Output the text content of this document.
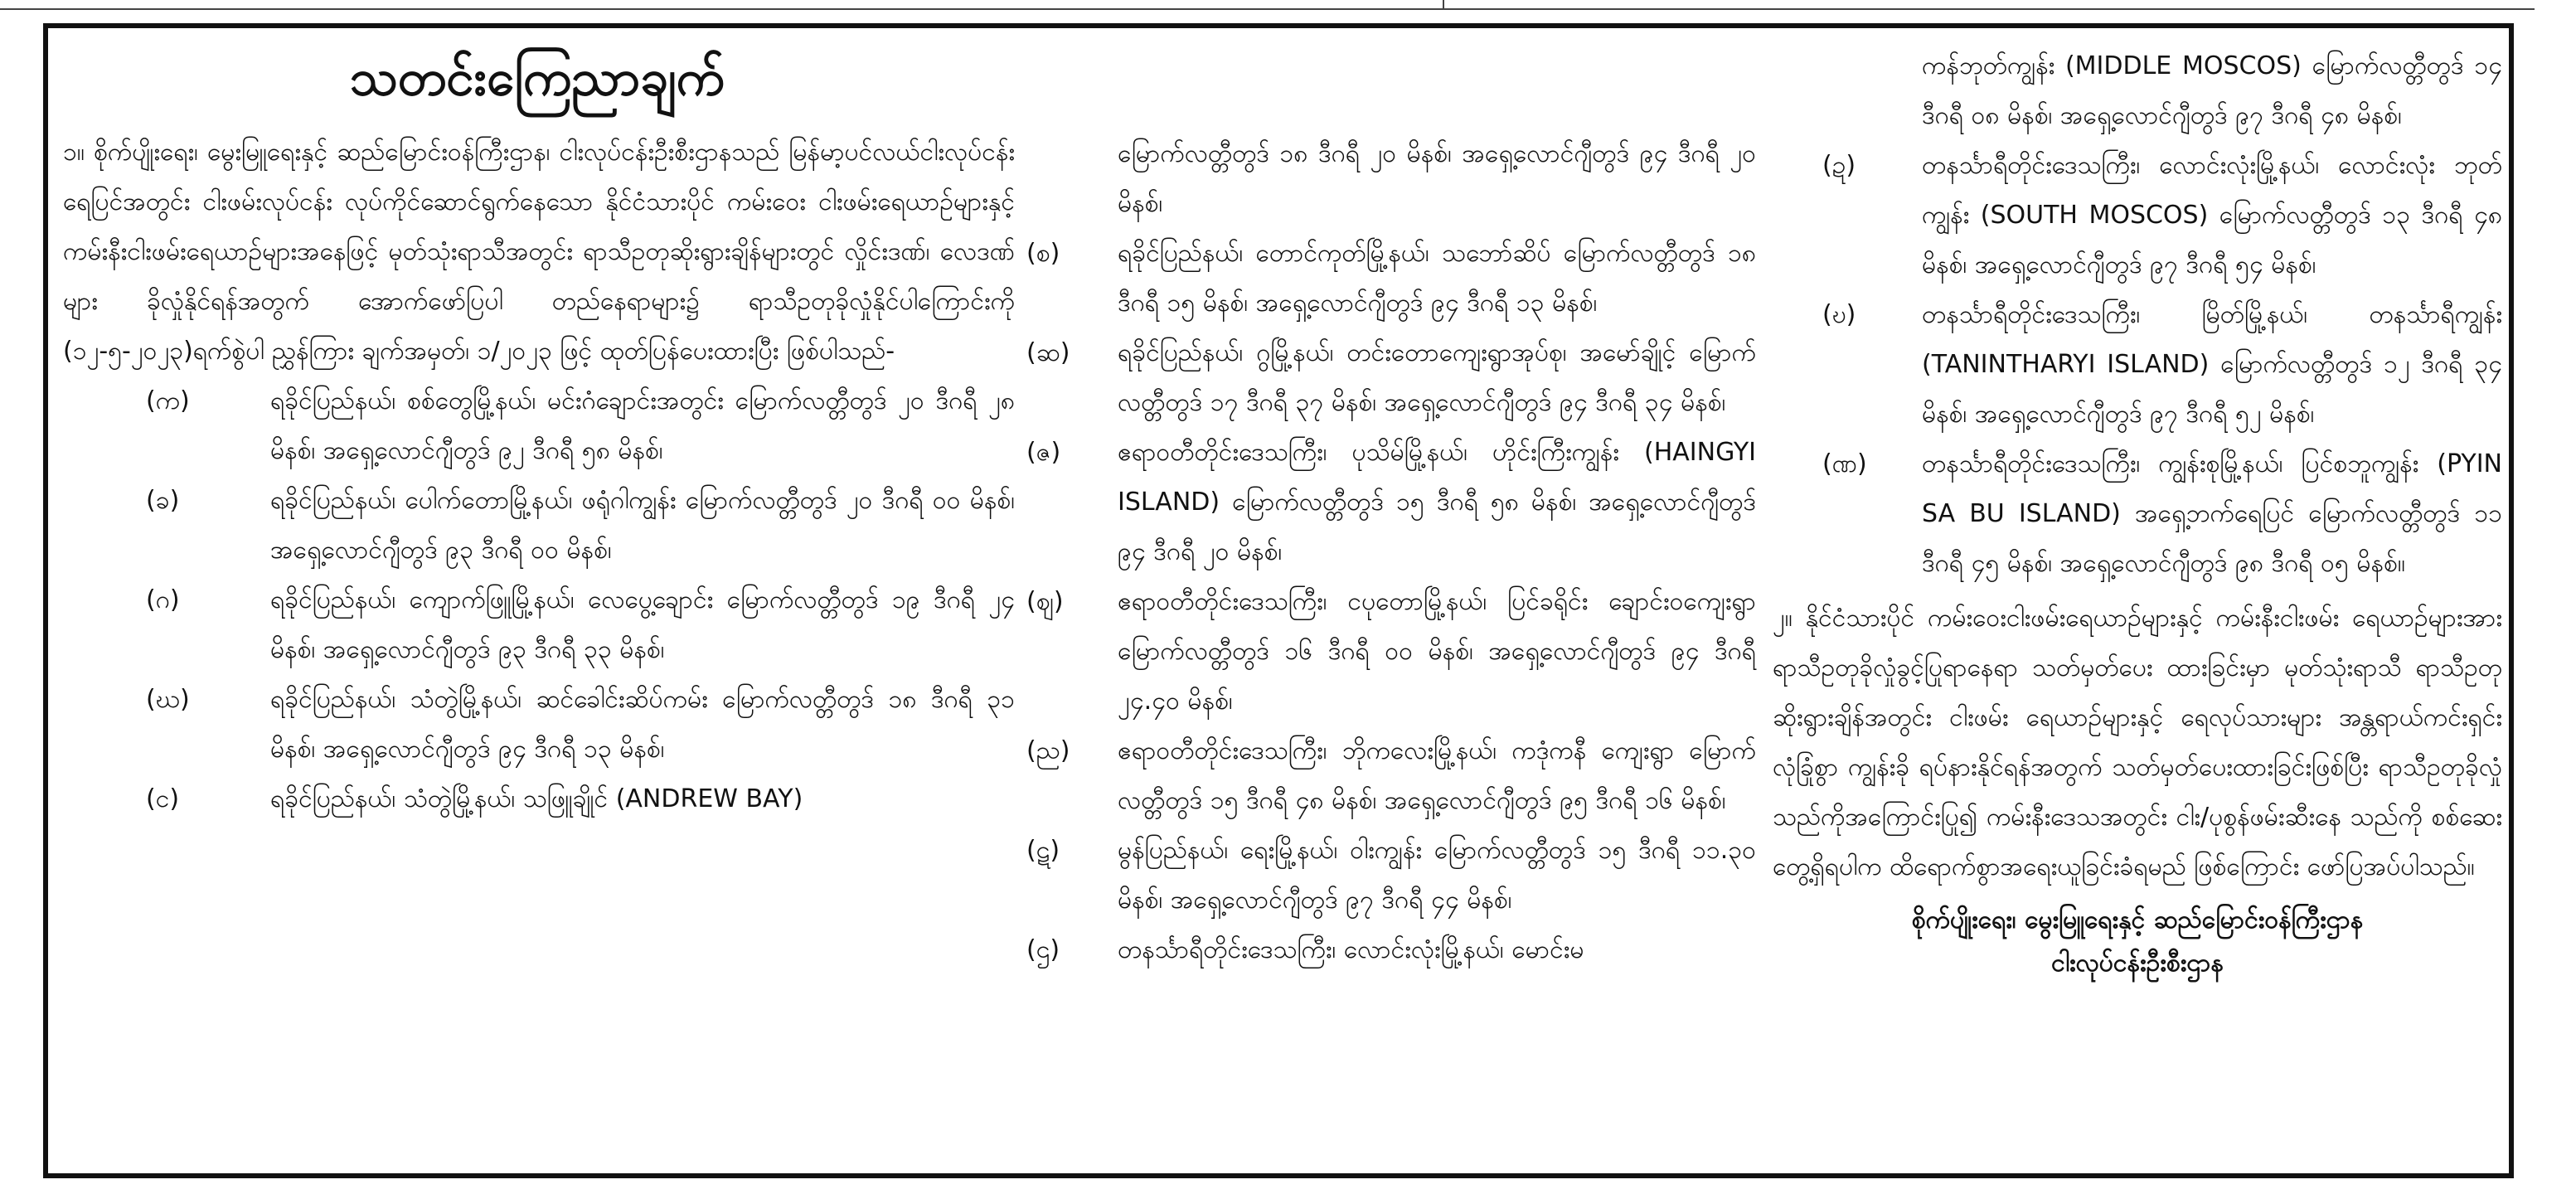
သတင်းကြေညာချက်

၁။ စိုက်ပျိုးရေး၊ မွေးမြူရေးနှင့် ဆည်မြောင်းဝန်ကြီးဌာန၊ ငါးလုပ်ငန်းဦးစီးဌာနသည် မြန်မာ့ပင်လယ်ငါးလုပ်ငန်းရေပြင်အတွင်း ငါးဖမ်းလုပ်ငန်း လုပ်ကိုင်ဆောင်ရွက်နေသော နိုင်ငံသားပိုင် ကမ်းဝေး ငါးဖမ်းရေယာဉ်များနှင့် ကမ်းနီးငါးဖမ်းရေယာဉ်များအနေဖြင့် မုတ်သုံးရာသီအတွင်း ရာသီဥတုဆိုးရွားချိန်များတွင် လှိုင်းဒဏ်၊ လေဒဏ်များ ခိုလှုံနိုင်ရန်အတွက် အောက်ဖော်ပြပါ တည်နေရာများ၌ ရာသီဥတုခိုလှုံနိုင်ပါကြောင်းကို (၁၂-၅-၂၀၂၃)ရက်စွဲပါ ညွှန်ကြား ချက်အမှတ်၊ ၁/၂၀၂၃ ဖြင့် ထုတ်ပြန်ပေးထားပြီး ဖြစ်ပါသည်-

(က)	ရခိုင်ပြည်နယ်၊ စစ်တွေမြို့နယ်၊ မင်းဂံချောင်းအတွင်း မြောက်လတ္တီတွဒ် ၂၀ ဒီဂရီ ၂၈ မိနစ်၊ အရှေ့လောင်ဂျီတွဒ် ၉၂ ဒီဂရီ ၅၈ မိနစ်၊
(ခ)	ရခိုင်ပြည်နယ်၊ ပေါက်တောမြို့နယ်၊ ဖရုံဂါကျွန်း မြောက်လတ္တီတွဒ် ၂၀ ဒီဂရီ ၀၀ မိနစ်၊ အရှေ့လောင်ဂျီတွဒ် ၉၃ ဒီဂရီ ၀၀ မိနစ်၊
(ဂ)	ရခိုင်ပြည်နယ်၊ ကျောက်ဖြူမြို့နယ်၊ လေပွေ့ချောင်း မြောက်လတ္တီတွဒ် ၁၉ ဒီဂရီ ၂၄ မိနစ်၊ အရှေ့လောင်ဂျီတွဒ် ၉၃ ဒီဂရီ ၃၃ မိနစ်၊
(ဃ)	ရခိုင်ပြည်နယ်၊ သံတွဲမြို့နယ်၊ ဆင်ခေါင်းဆိပ်ကမ်း မြောက်လတ္တီတွဒ် ၁၈ ဒီဂရီ ၃၁ မိနစ်၊ အရှေ့လောင်ဂျီတွဒ် ၉၄ ဒီဂရီ ၁၃ မိနစ်၊
(င)	ရခိုင်ပြည်နယ်၊ သံတွဲမြို့နယ်၊ သဖြူချိုင် (ANDREW BAY)

မြောက်လတ္တီတွဒ် ၁၈ ဒီဂရီ ၂၀ မိနစ်၊ အရှေ့လောင်ဂျီတွဒ် ၉၄ ဒီဂရီ ၂၀ မိနစ်၊

(စ)	ရခိုင်ပြည်နယ်၊ တောင်ကုတ်မြို့နယ်၊ သဘော်ဆိပ် မြောက်လတ္တီတွဒ် ၁၈ ဒီဂရီ ၁၅ မိနစ်၊ အရှေ့လောင်ဂျီတွဒ် ၉၄ ဒီဂရီ ၁၃ မိနစ်၊
(ဆ)	ရခိုင်ပြည်နယ်၊ ဂွမြို့နယ်၊ တင်းတောကျေးရွာအုပ်စု၊ အမော်ချိုင့် မြောက်လတ္တီတွဒ် ၁၇ ဒီဂရီ ၃၇ မိနစ်၊ အရှေ့လောင်ဂျီတွဒ် ၉၄ ဒီဂရီ ၃၄ မိနစ်၊
(ဇ)	ဧရာဝတီတိုင်းဒေသကြီး၊ ပုသိမ်မြို့နယ်၊ ဟိုင်းကြီးကျွန်း (HAINGYI ISLAND) မြောက်လတ္တီတွဒ် ၁၅ ဒီဂရီ ၅၈ မိနစ်၊ အရှေ့လောင်ဂျီတွဒ် ၉၄ ဒီဂရီ ၂၀ မိနစ်၊
(ဈ)	ဧရာဝတီတိုင်းဒေသကြီး၊ ငပုတောမြို့နယ်၊ ပြင်ခရိုင်း ချောင်းဝကျေးရွာ မြောက်လတ္တီတွဒ် ၁၆ ဒီဂရီ ၀၀ မိနစ်၊ အရှေ့လောင်ဂျီတွဒ် ၉၄ ဒီဂရီ ၂၄.၄၀ မိနစ်၊
(ည)	ဧရာဝတီတိုင်းဒေသကြီး၊ ဘိုကလေးမြို့နယ်၊ ကဒုံကနီ ကျေးရွာ မြောက်လတ္တီတွဒ် ၁၅ ဒီဂရီ ၄၈ မိနစ်၊ အရှေ့လောင်ဂျီတွဒ် ၉၅ ဒီဂရီ ၁၆ မိနစ်၊
(ဋ)	မွန်ပြည်နယ်၊ ရေးမြို့နယ်၊ ဝါးကျွန်း မြောက်လတ္တီတွဒ် ၁၅ ဒီဂရီ ၁၁.၃၀ မိနစ်၊ အရှေ့လောင်ဂျီတွဒ် ၉၇ ဒီဂရီ ၄၄ မိနစ်၊
(ဌ)	တနင်္သာရီတိုင်းဒေသကြီး၊ လောင်းလုံးမြို့နယ်၊ မောင်းမ

ကန်ဘုတ်ကျွန်း (MIDDLE MOSCOS) မြောက်လတ္တီတွဒ် ၁၄ ဒီဂရီ ၀၈ မိနစ်၊ အရှေ့လောင်ဂျီတွဒ် ၉၇ ဒီဂရီ ၄၈ မိနစ်၊

(ဍ)	တနင်္သာရီတိုင်းဒေသကြီး၊ လောင်းလုံးမြို့နယ်၊ လောင်းလုံး ဘုတ်ကျွန်း (SOUTH MOSCOS) မြောက်လတ္တီတွဒ် ၁၃ ဒီဂရီ ၄၈ မိနစ်၊ အရှေ့လောင်ဂျီတွဒ် ၉၇ ဒီဂရီ ၅၄ မိနစ်၊
(ဎ)	တနင်္သာရီတိုင်းဒေသကြီး၊ မြိတ်မြို့နယ်၊ တနင်္သာရီကျွန်း (TANINTHARYI ISLAND) မြောက်လတ္တီတွဒ် ၁၂ ဒီဂရီ ၃၄ မိနစ်၊ အရှေ့လောင်ဂျီတွဒ် ၉၇ ဒီဂရီ ၅၂ မိနစ်၊
(ဏ)	တနင်္သာရီတိုင်းဒေသကြီး၊ ကျွန်းစုမြို့နယ်၊ ပြင်စဘူကျွန်း (PYIN SA BU ISLAND) အရှေ့ဘက်ရေပြင် မြောက်လတ္တီတွဒ် ၁၁ ဒီဂရီ ၄၅ မိနစ်၊ အရှေ့လောင်ဂျီတွဒ် ၉၈ ဒီဂရီ ၀၅ မိနစ်။

၂။ နိုင်ငံသားပိုင် ကမ်းဝေးငါးဖမ်းရေယာဉ်များနှင့် ကမ်းနီးငါးဖမ်း ရေယာဉ်များအား ရာသီဥတုခိုလှုံခွင့်ပြုရာနေရာ သတ်မှတ်ပေး ထားခြင်းမှာ မုတ်သုံးရာသီ ရာသီဥတုဆိုးရွားချိန်အတွင်း ငါးဖမ်း ရေယာဉ်များနှင့် ရေလုပ်သားများ အန္တရာယ်ကင်းရှင်းလုံခြုံစွာ ကျွန်းခို ရပ်နားနိုင်ရန်အတွက် သတ်မှတ်ပေးထားခြင်းဖြစ်ပြီး ရာသီဥတုခိုလှုံ သည်ကိုအကြောင်းပြု၍ ကမ်းနီးဒေသအတွင်း ငါး/ပုစွန်ဖမ်းဆီးနေ သည်ကို စစ်ဆေးတွေ့ရှိရပါက ထိရောက်စွာအရေးယူခြင်းခံရမည် ဖြစ်ကြောင်း ဖော်ပြအပ်ပါသည်။

စိုက်ပျိုးရေး၊ မွေးမြူရေးနှင့် ဆည်မြောင်းဝန်ကြီးဌာန
ငါးလုပ်ငန်းဦးစီးဌာန
